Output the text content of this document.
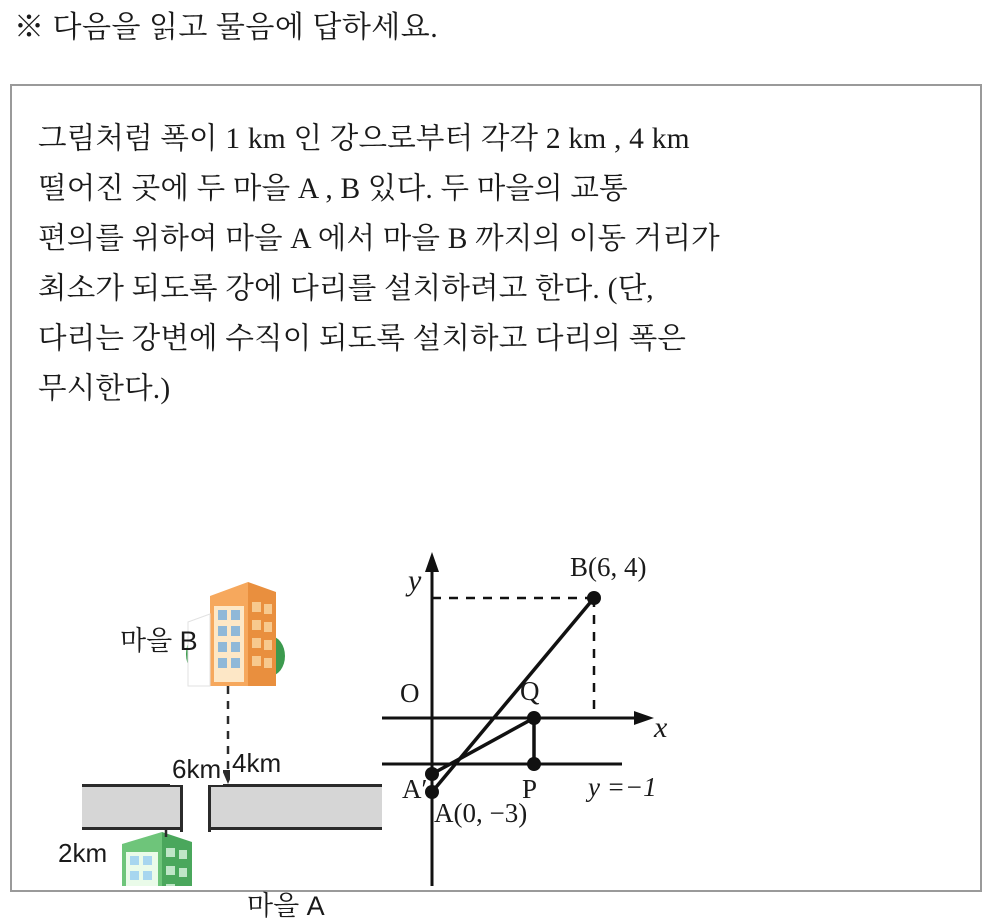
※ 다음을 읽고 물음에 답하세요.
그림처럼 폭이 1 km 인 강으로부터 각각 2 km , 4 km
떨어진 곳에 두 마을 A , B 있다. 두 마을의 교통
편의를 위하여 마을 A 에서 마을 B 까지의 이동 거리가
최소가 되도록 강에 다리를 설치하려고 한다. (단,
다리는 강변에 수직이 되도록 설치하고 다리의 폭은
무시한다.)
마을 B
마을 A
6km 4km
2km
y
x
O
B(6, 4)
A(0, −3)
A′	P
Q
y =−1
